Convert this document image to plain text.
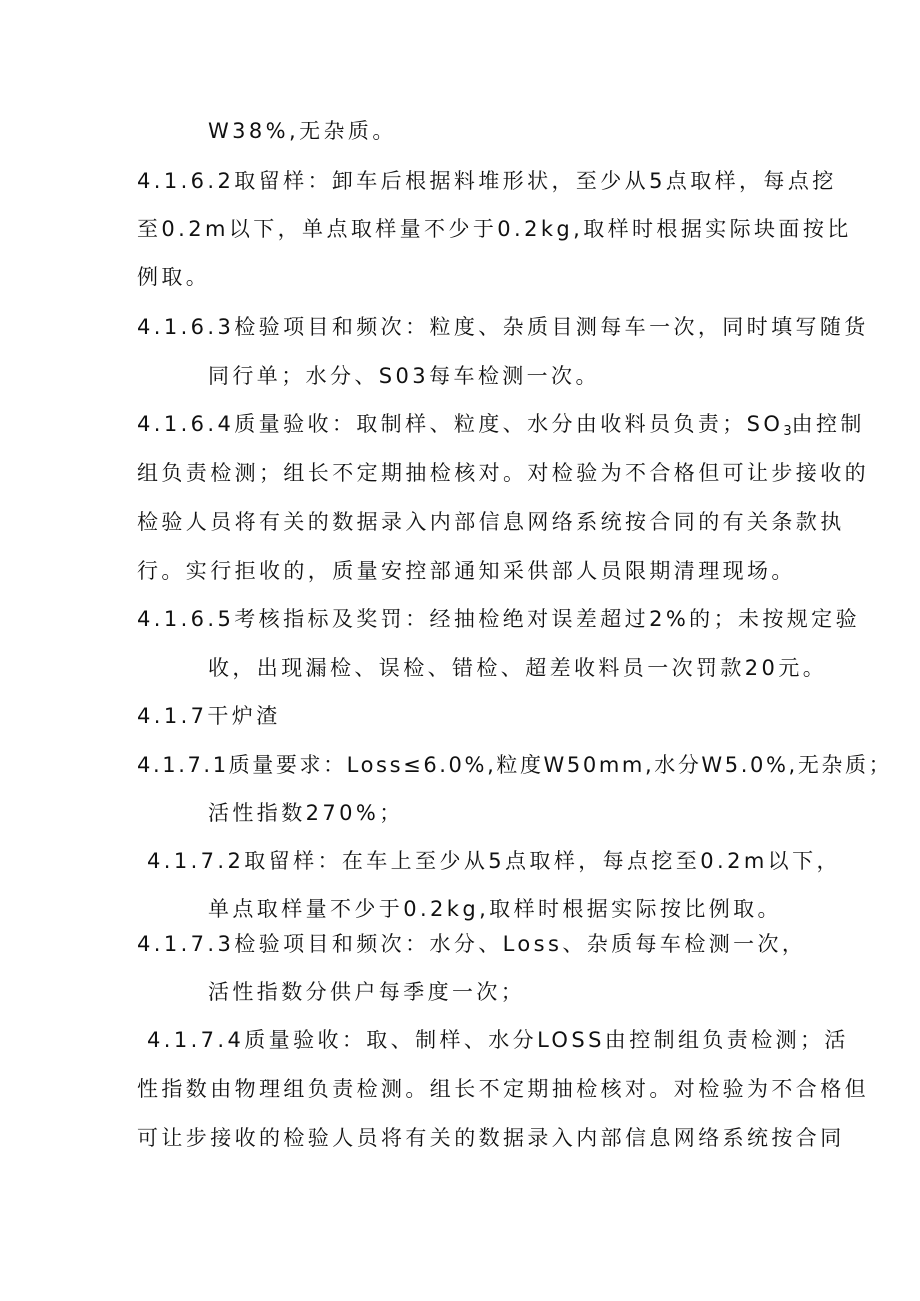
W38%,无杂质。
4.1.6.2取留样：卸车后根据料堆形状，至少从5点取样，每点挖
至0.2m以下，单点取样量不少于0.2kg,取样时根据实际块面按比
例取。
4.1.6.3检验项目和频次：粒度、杂质目测每车一次，同时填写随货
同行单；水分、S03每车检测一次。
4.1.6.4质量验收：取制样、粒度、水分由收料员负责；$SO_3$由控制
组负责检测；组长不定期抽检核对。对检验为不合格但可让步接收的
检验人员将有关的数据录入内部信息网络系统按合同的有关条款执
行。实行拒收的，质量安控部通知采供部人员限期清理现场。
4.1.6.5考核指标及奖罚：经抽检绝对误差超过2%的；未按规定验
收，出现漏检、误检、错检、超差收料员一次罚款20元。
4.1.7干炉渣
4.1.7.1质量要求：Loss≤6.0%,粒度W50mm,水分W5.0%,无杂质；
活性指数270%；
4.1.7.2取留样：在车上至少从5点取样，每点挖至0.2m以下，
单点取样量不少于0.2kg,取样时根据实际按比例取。
4.1.7.3检验项目和频次：水分、Loss、杂质每车检测一次，
活性指数分供户每季度一次；
4.1.7.4质量验收：取、制样、水分LOSS由控制组负责检测；活
性指数由物理组负责检测。组长不定期抽检核对。对检验为不合格但
可让步接收的检验人员将有关的数据录入内部信息网络系统按合同
